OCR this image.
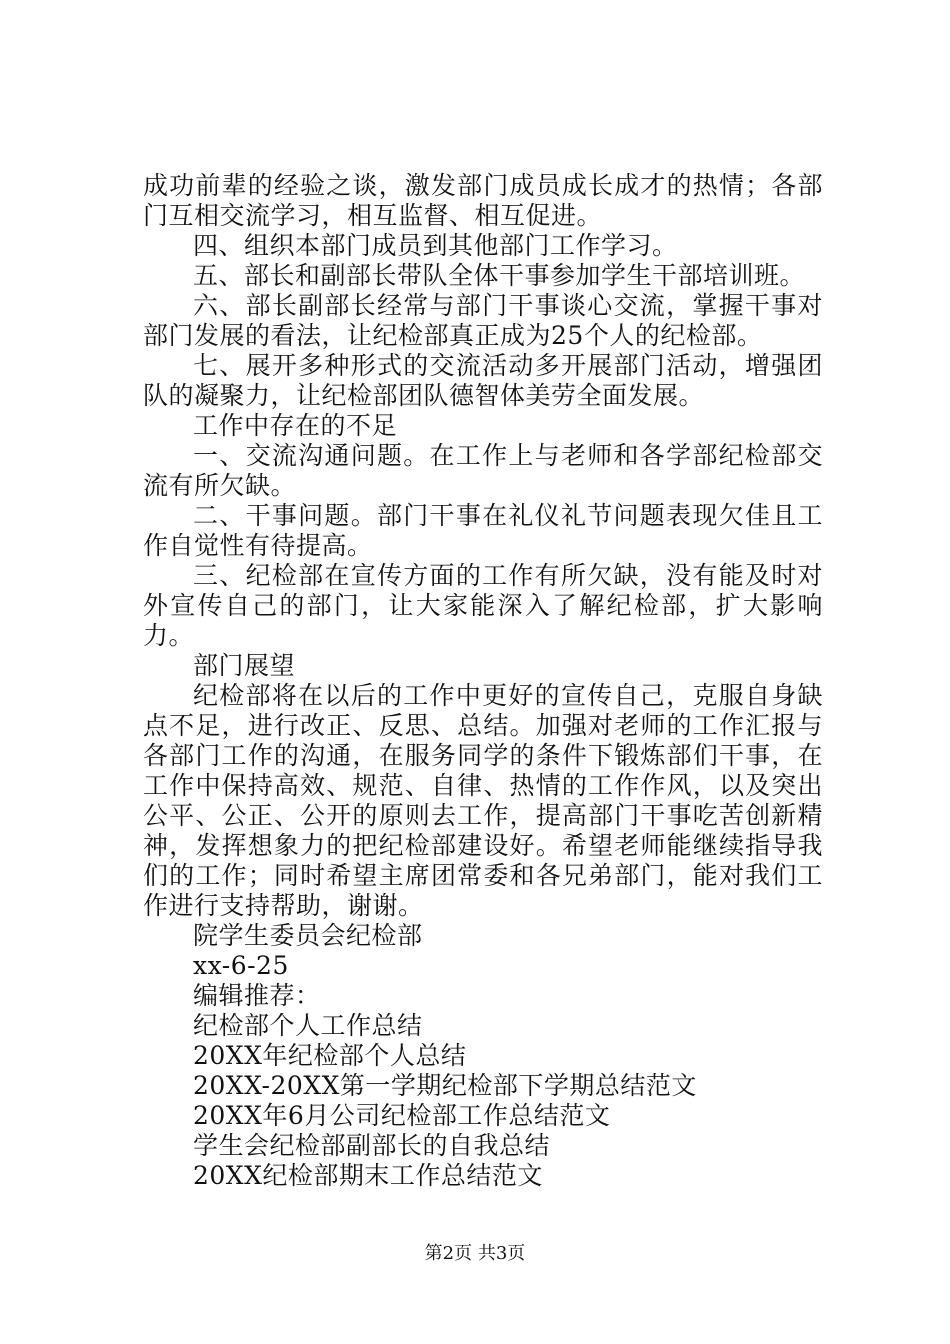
成功前辈的经验之谈，激发部门成员成长成才的热情；各部门互相交流学习，相互监督、相互促进。

四、组织本部门成员到其他部门工作学习。

五、部长和副部长带队全体干事参加学生干部培训班。

六、部长副部长经常与部门干事谈心交流，掌握干事对部门发展的看法，让纪检部真正成为25个人的纪检部。

七、展开多种形式的交流活动多开展部门活动，增强团队的凝聚力，让纪检部团队德智体美劳全面发展。

工作中存在的不足

一、交流沟通问题。在工作上与老师和各学部纪检部交流有所欠缺。

二、干事问题。部门干事在礼仪礼节问题表现欠佳且工作自觉性有待提高。

三、纪检部在宣传方面的工作有所欠缺，没有能及时对外宣传自己的部门，让大家能深入了解纪检部，扩大影响力。

部门展望

纪检部将在以后的工作中更好的宣传自己，克服自身缺点不足，进行改正、反思、总结。加强对老师的工作汇报与各部门工作的沟通，在服务同学的条件下锻炼部们干事，在工作中保持高效、规范、自律、热情的工作作风，以及突出公平、公正、公开的原则去工作，提高部门干事吃苦创新精神，发挥想象力的把纪检部建设好。希望老师能继续指导我们的工作；同时希望主席团常委和各兄弟部门，能对我们工作进行支持帮助，谢谢。

院学生委员会纪检部

xx-6-25

编辑推荐：

纪检部个人工作总结

20XX年纪检部个人总结

20XX-20XX第一学期纪检部下学期总结范文

20XX年6月公司纪检部工作总结范文

学生会纪检部副部长的自我总结

20XX纪检部期末工作总结范文

第2页 共3页
